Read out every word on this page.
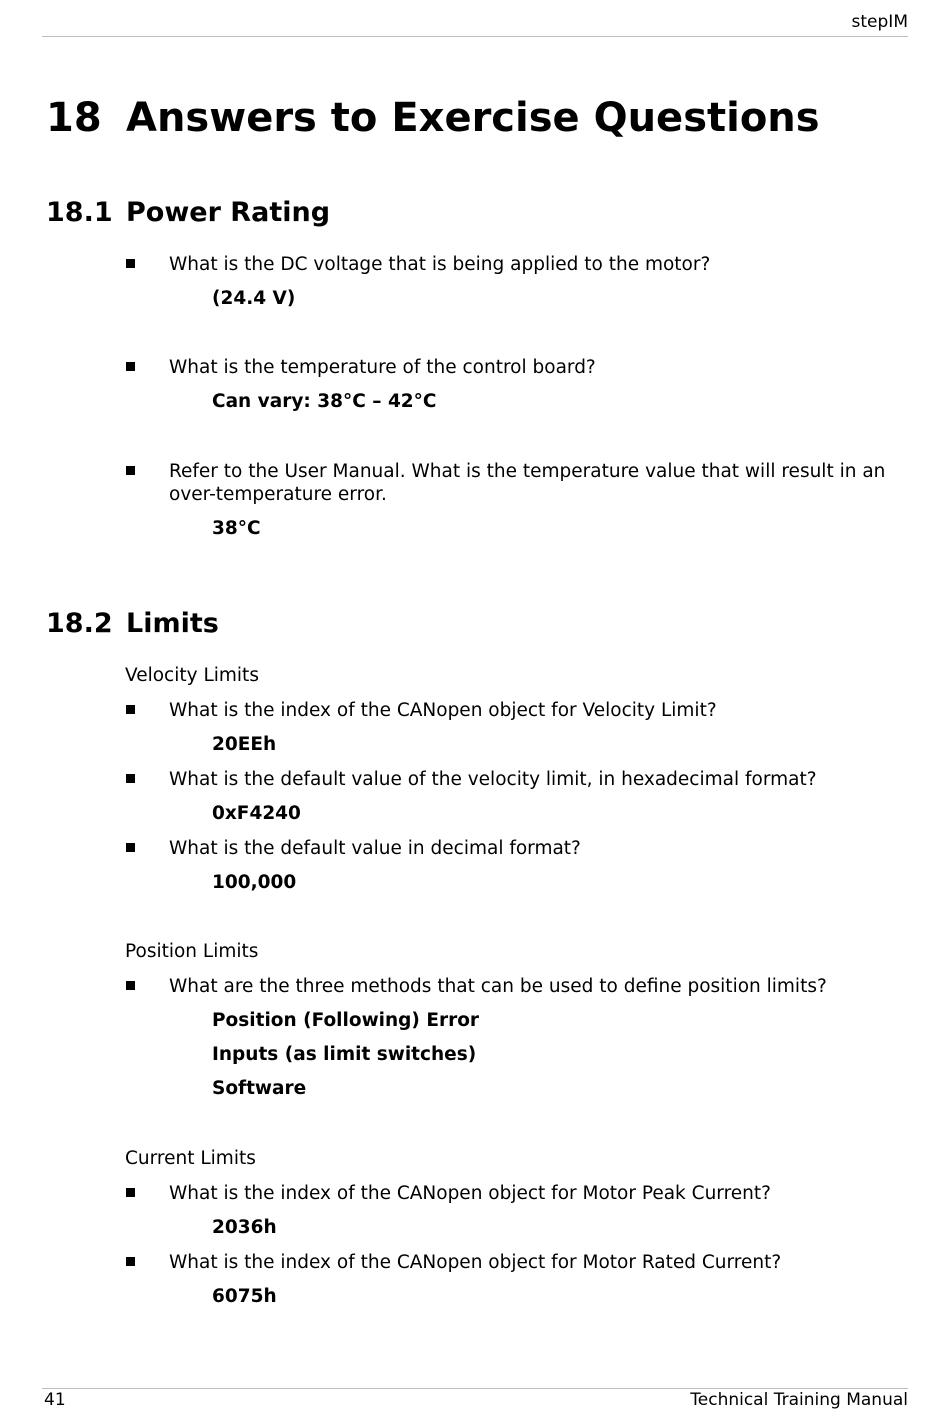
stepIM
18 Answers to Exercise Questions
18.1 Power Rating
What is the DC voltage that is being applied to the motor?
(24.4 V)
What is the temperature of the control board?
Can vary: 38°C – 42°C
Refer to the User Manual. What is the temperature value that will result in an over-temperature error.
38°C
18.2 Limits
Velocity Limits
What is the index of the CANopen object for Velocity Limit?
20EEh
What is the default value of the velocity limit, in hexadecimal format?
0xF4240
What is the default value in decimal format?
100,000
Position Limits
What are the three methods that can be used to define position limits?
Position (Following) Error
Inputs (as limit switches)
Software
Current Limits
What is the index of the CANopen object for Motor Peak Current?
2036h
What is the index of the CANopen object for Motor Rated Current?
6075h
41	Technical Training Manual
